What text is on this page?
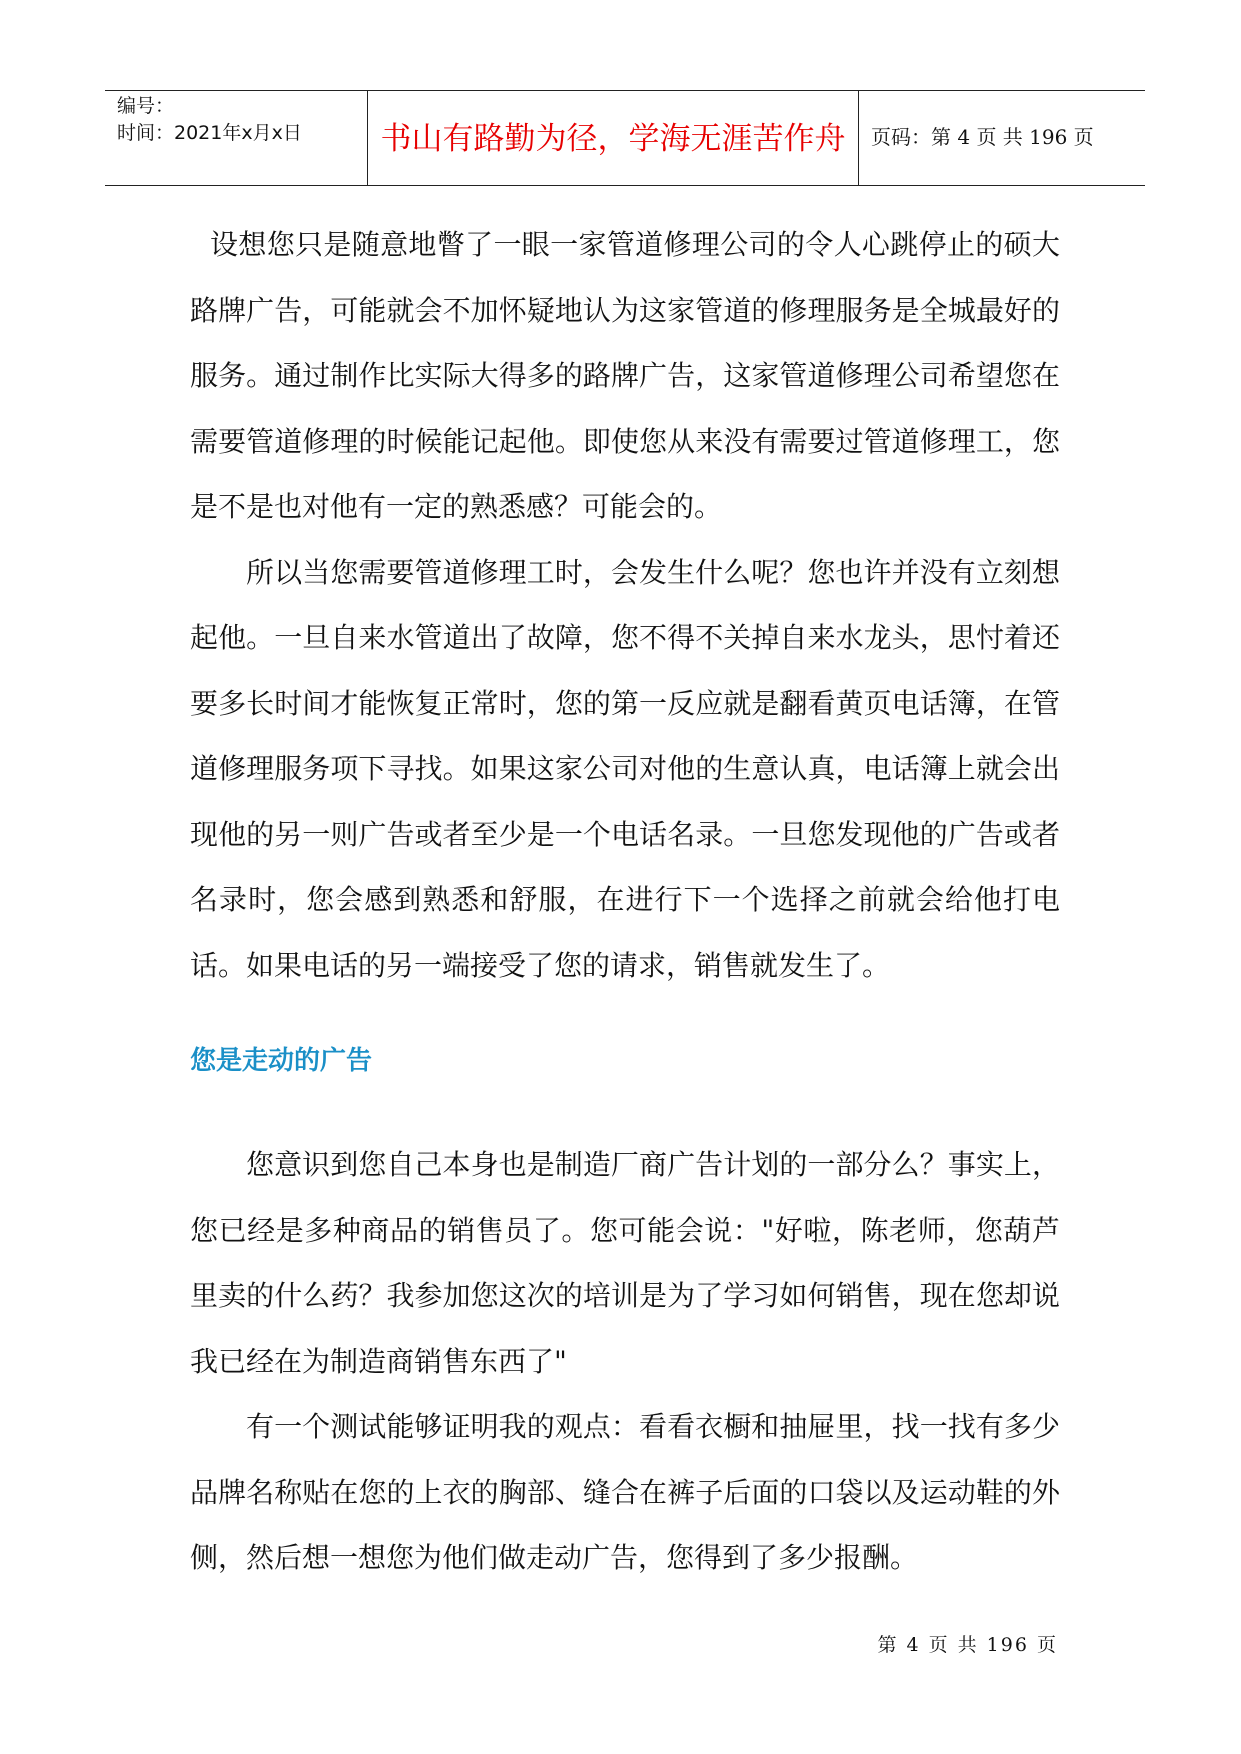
编号：
时间：2021年x月x日	书山有路勤为径，学海无涯苦作舟	页码：第 4 页 共 196 页

设想您只是随意地瞥了一眼一家管道修理公司的令人心跳停止的硕大路牌广告，可能就会不加怀疑地认为这家管道的修理服务是全城最好的服务。通过制作比实际大得多的路牌广告，这家管道修理公司希望您在需要管道修理的时候能记起他。即使您从来没有需要过管道修理工，您是不是也对他有一定的熟悉感？可能会的。

所以当您需要管道修理工时，会发生什么呢？您也许并没有立刻想起他。一旦自来水管道出了故障，您不得不关掉自来水龙头，思忖着还要多长时间才能恢复正常时，您的第一反应就是翻看黄页电话簿，在管道修理服务项下寻找。如果这家公司对他的生意认真，电话簿上就会出现他的另一则广告或者至少是一个电话名录。一旦您发现他的广告或者名录时，您会感到熟悉和舒服，在进行下一个选择之前就会给他打电话。如果电话的另一端接受了您的请求，销售就发生了。

您是走动的广告

您意识到您自己本身也是制造厂商广告计划的一部分么？事实上，您已经是多种商品的销售员了。您可能会说："好啦，陈老师，您葫芦里卖的什么药？我参加您这次的培训是为了学习如何销售，现在您却说我已经在为制造商销售东西了"

有一个测试能够证明我的观点：看看衣橱和抽屉里，找一找有多少品牌名称贴在您的上衣的胸部、缝合在裤子后面的口袋以及运动鞋的外侧，然后想一想您为他们做走动广告，您得到了多少报酬。

第 4 页 共 196 页
